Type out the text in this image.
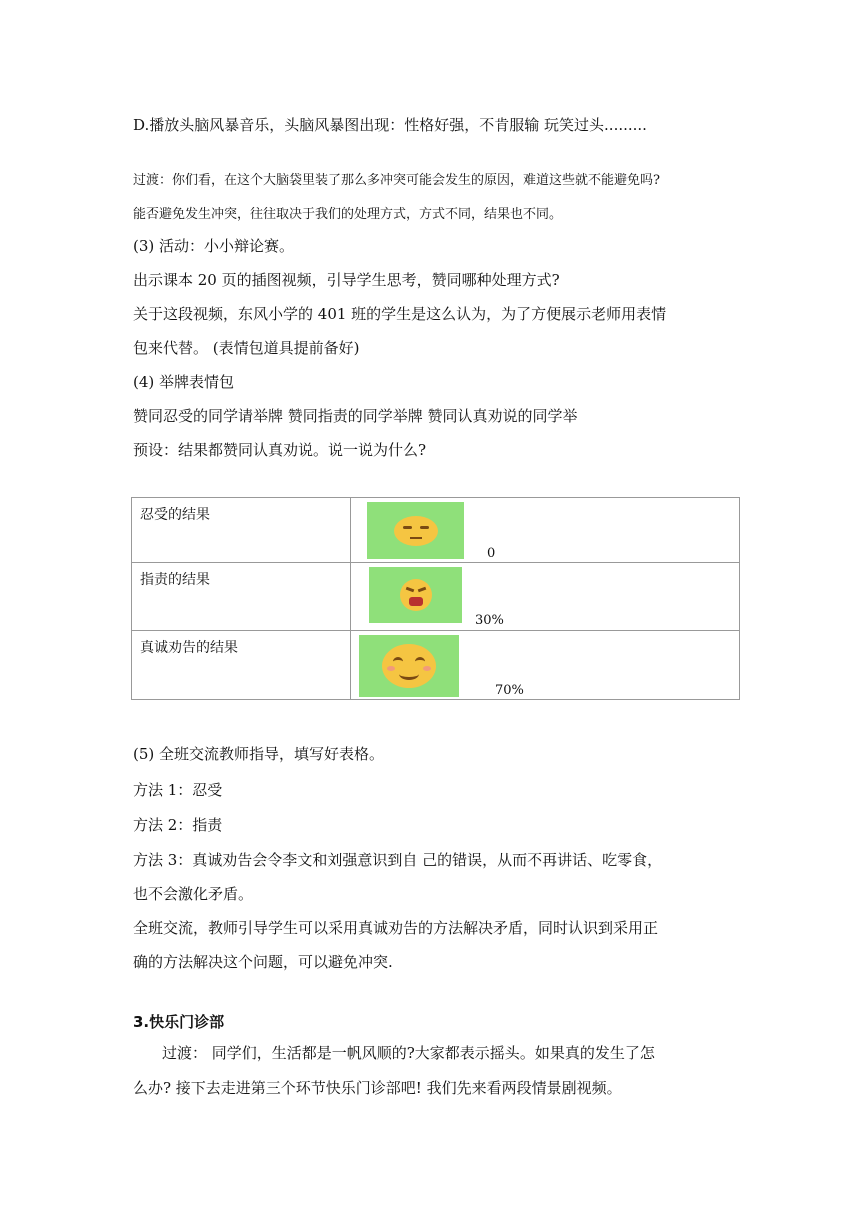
D.播放头脑风暴音乐，头脑风暴图出现：性格好强，不肯服输 玩笑过头.........
过渡：你们看，在这个大脑袋里装了那么多冲突可能会发生的原因，难道这些就不能避免吗?
能否避免发生冲突，往往取决于我们的处理方式，方式不同，结果也不同。
(3) 活动：小小辩论赛。
出示课本 20 页的插图视频，引导学生思考，赞同哪种处理方式?
关于这段视频，东风小学的 401 班的学生是这么认为，为了方便展示老师用表情
包来代替。 (表情包道具提前备好)
(4) 举牌表情包
赞同忍受的同学请举牌 赞同指责的同学举牌 赞同认真劝说的同学举
预设：结果都赞同认真劝说。说一说为什么?
忍受的结果	0

指责的结果	30%

真诚劝告的结果	70%
(5) 全班交流教师指导，填写好表格。
方法 1：忍受
方法 2：指责
方法 3：真诚劝告会令李文和刘强意识到自 己的错误，从而不再讲话、吃零食，
也不会激化矛盾。
全班交流，教师引导学生可以采用真诚劝告的方法解决矛盾，同时认识到采用正
确的方法解决这个问题，可以避免冲突.
3.快乐门诊部
过渡： 同学们，生活都是一帆风顺的?大家都表示摇头。如果真的发生了怎
么办? 接下去走进第三个环节快乐门诊部吧! 我们先来看两段情景剧视频。
